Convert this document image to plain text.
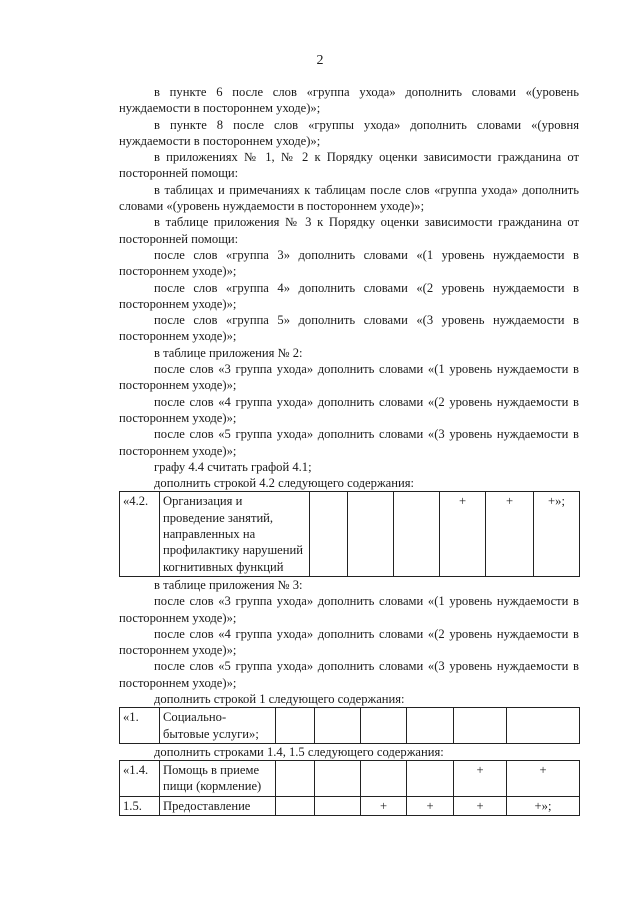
2

в пункте 6 после слов «группа ухода» дополнить словами «(уровень нуждаемости в постороннем уходе)»;

в пункте 8 после слов «группы ухода» дополнить словами «(уровня нуждаемости в постороннем уходе)»;

в приложениях № 1, № 2 к Порядку оценки зависимости гражданина от посторонней помощи:

в таблицах и примечаниях к таблицам после слов «группа ухода» дополнить словами «(уровень нуждаемости в постороннем уходе)»;

в таблице приложения № 3 к Порядку оценки зависимости гражданина от посторонней помощи:

после слов «группа 3» дополнить словами «(1 уровень нуждаемости в постороннем уходе)»;

после слов «группа 4» дополнить словами «(2 уровень нуждаемости в постороннем уходе)»;

после слов «группа 5» дополнить словами «(3 уровень нуждаемости в постороннем уходе)»;

в таблице приложения № 2:

после слов «3 группа ухода» дополнить словами «(1 уровень нуждаемости в постороннем уходе)»;

после слов «4 группа ухода» дополнить словами «(2 уровень нуждаемости в постороннем уходе)»;

после слов «5 группа ухода» дополнить словами «(3 уровень нуждаемости в постороннем уходе)»;

графу 4.4 считать графой 4.1;

дополнить строкой 4.2 следующего содержания:

«4.2.	Организация и проведение занятий, направленных на профилактику нарушений когнитивных функций				+	+	+»;

в таблице приложения № 3:

после слов «3 группа ухода» дополнить словами «(1 уровень нуждаемости в постороннем уходе)»;

после слов «4 группа ухода» дополнить словами «(2 уровень нуждаемости в постороннем уходе)»;

после слов «5 группа ухода» дополнить словами «(3 уровень нуждаемости в постороннем уходе)»;

дополнить строкой 1 следующего содержания:

«1.	Социально-бытовые услуги»;						

дополнить строками 1.4, 1.5 следующего содержания:

«1.4.	Помощь в приеме пищи (кормление)					+	+
1.5.	Предоставление			+	+	+	+»;
